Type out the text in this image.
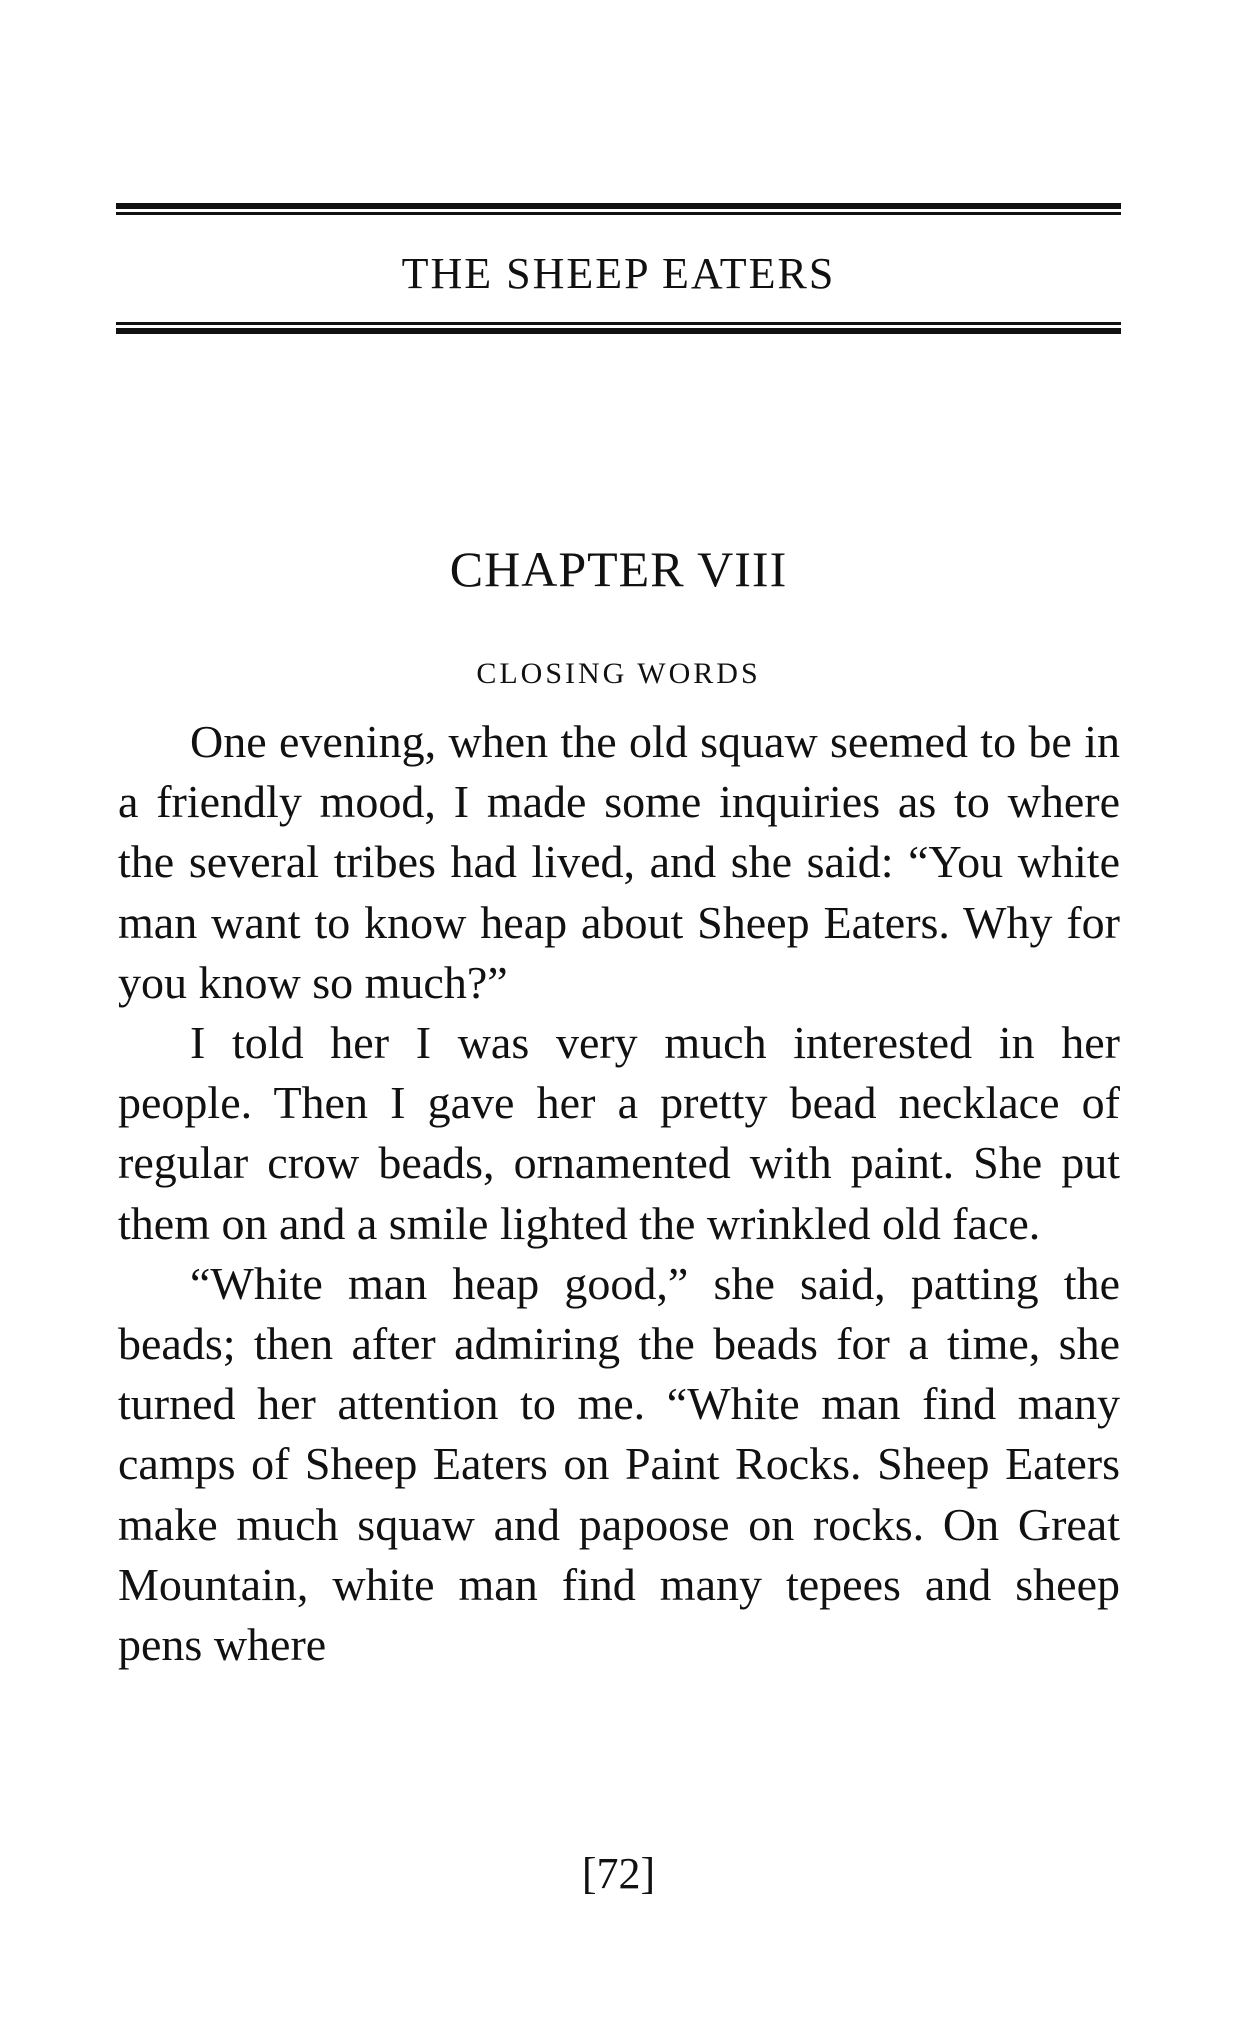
THE SHEEP EATERS
CHAPTER VIII
CLOSING WORDS

One evening, when the old squaw seemed to be in a friendly mood, I made some inquiries as to where the several tribes had lived, and she said: “You white man want to know heap about Sheep Eaters. Why for you know so much?”

I told her I was very much interested in her people. Then I gave her a pretty bead necklace of regular crow beads, ornamented with paint. She put them on and a smile lighted the wrinkled old face.

“White man heap good,” she said, patting the beads; then after admiring the beads for a time, she turned her attention to me. “White man find many camps of Sheep Eaters on Paint Rocks. Sheep Eaters make much squaw and papoose on rocks. On Great Mountain, white man find many tepees and sheep pens where

[72]
